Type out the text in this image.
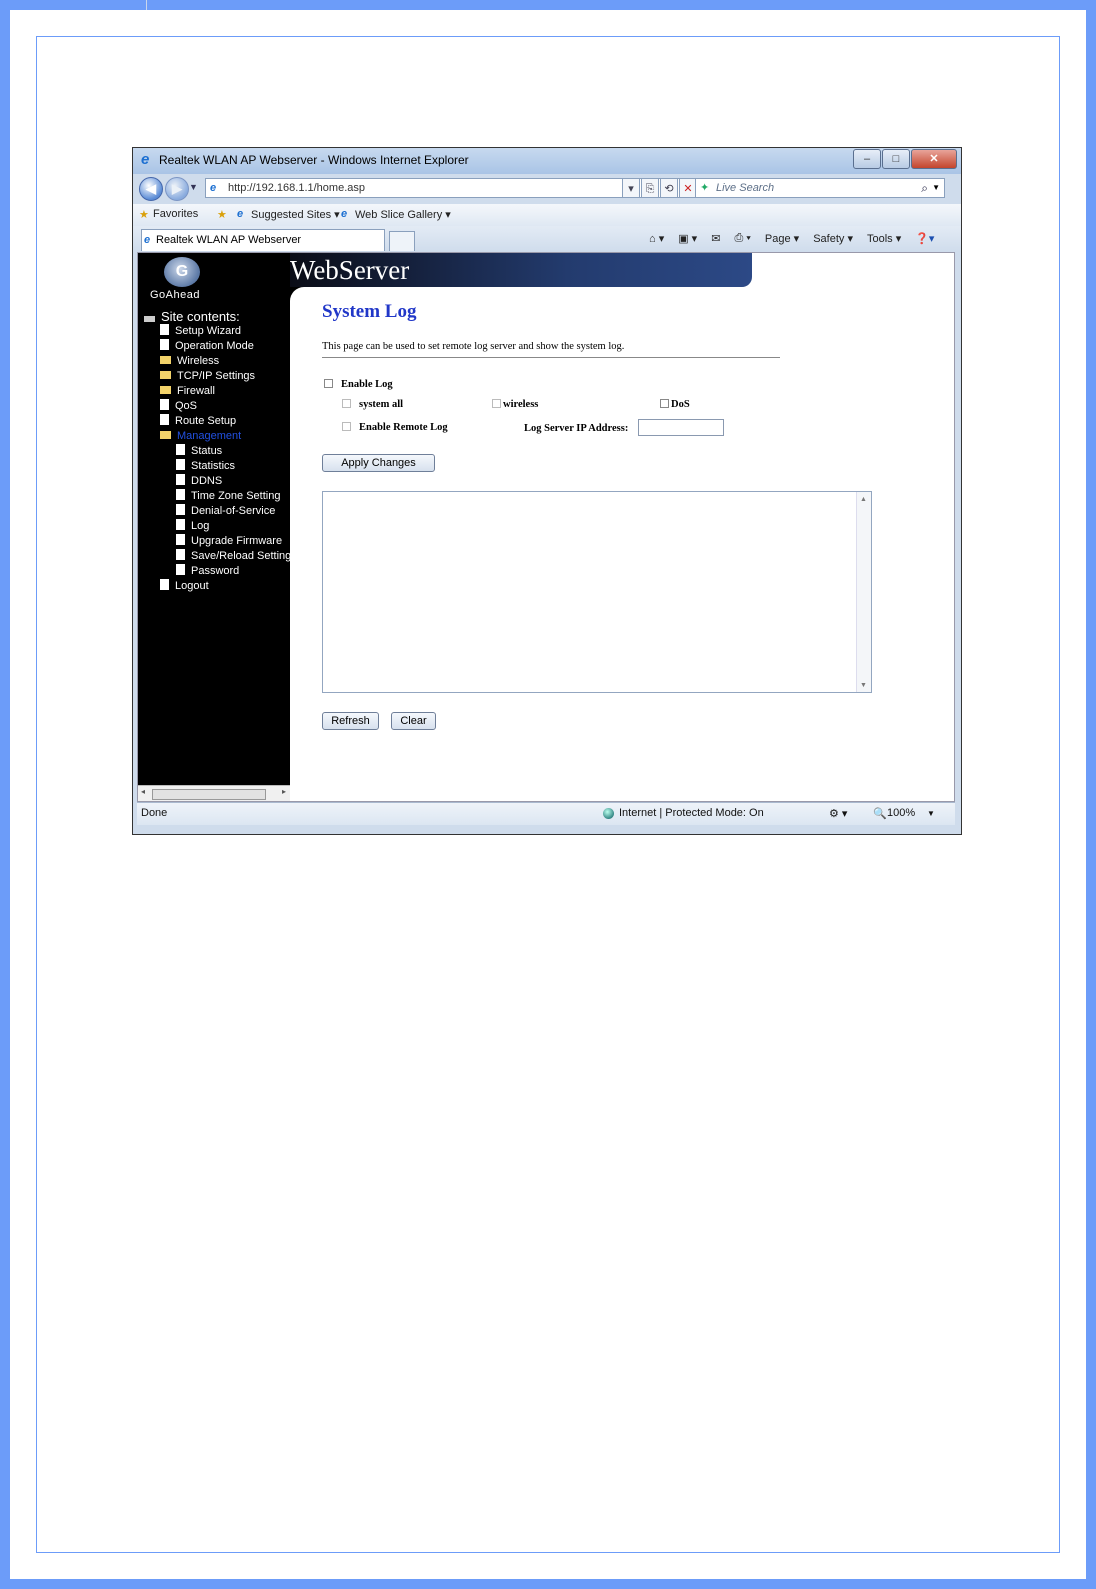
e Realtek WLAN AP Webserver - Windows Internet Explorer	–	□	✕
◀	▶ ▼ e http://192.168.1.1/home.asp	▾	⎘ ⟲ ✕ ✦ Live Search	⌕ ▼
★ Favorites ★ e Suggested Sites ▾ e Web Slice Gallery ▾
e Realtek WLAN AP Webserver	⌂ ▾ ▣ ▾ ✉ ⎙ ▾ Page ▾ Safety ▾ Tools ▾ ❓▾
G
GoAhead
Site contents:
Setup Wizard
Operation Mode
Wireless
TCP/IP Settings
Firewall
QoS
Route Setup
Management
Status
Statistics
DDNS
Time Zone Setting
Denial-of-Service
Log
Upgrade Firmware
Save/Reload Setting
Password
Logout
◂	▸
WebServer
System Log
This page can be used to set remote log server and show the system log.
Enable Log
system all	wireless	DoS
Enable Remote Log	Log Server IP Address:
Apply Changes
▲
▼
Refresh	Clear
Done	Internet | Protected Mode: On	⚙ ▾ 🔍 100% ▼
